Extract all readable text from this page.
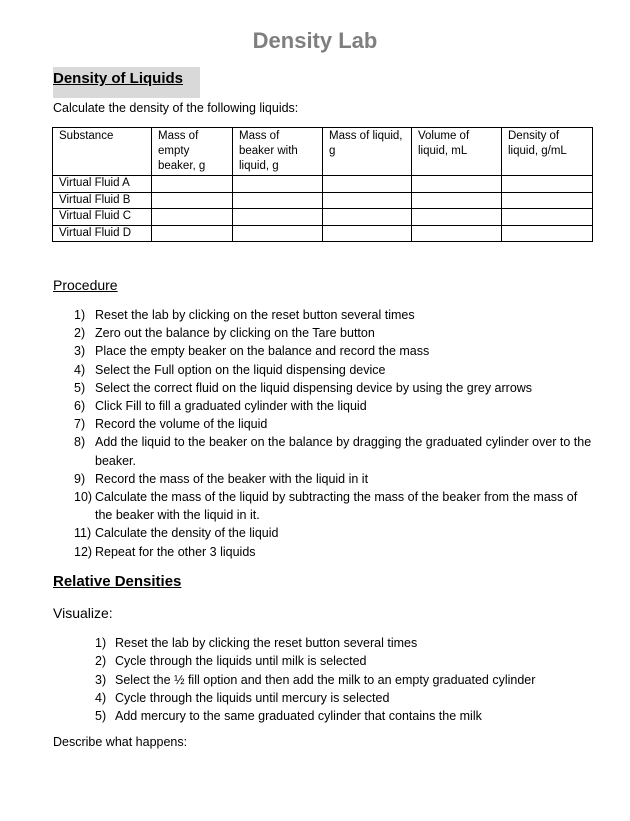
Density Lab
Density of Liquids
Calculate the density of the following liquids:
Substance	Mass of empty beaker, g	Mass of beaker with liquid, g	Mass of liquid, g	Volume of liquid, mL	Density of liquid, g/mL
Virtual Fluid A					
Virtual Fluid B					
Virtual Fluid C					
Virtual Fluid D					
Procedure
1) Reset the lab by clicking on the reset button several times
2) Zero out the balance by clicking on the Tare button
3) Place the empty beaker on the balance and record the mass
4) Select the Full option on the liquid dispensing device
5) Select the correct fluid on the liquid dispensing device by using the grey arrows
6) Click Fill to fill a graduated cylinder with the liquid
7) Record the volume of the liquid
8) Add the liquid to the beaker on the balance by dragging the graduated cylinder over to the beaker.
9) Record the mass of the beaker with the liquid in it
10) Calculate the mass of the liquid by subtracting the mass of the beaker from the mass of the beaker with the liquid in it.
11) Calculate the density of the liquid
12) Repeat for the other 3 liquids
Relative Densities
Visualize:
1) Reset the lab by clicking the reset button several times
2) Cycle through the liquids until milk is selected
3) Select the ½ fill option and then add the milk to an empty graduated cylinder
4) Cycle through the liquids until mercury is selected
5) Add mercury to the same graduated cylinder that contains the milk
Describe what happens:
